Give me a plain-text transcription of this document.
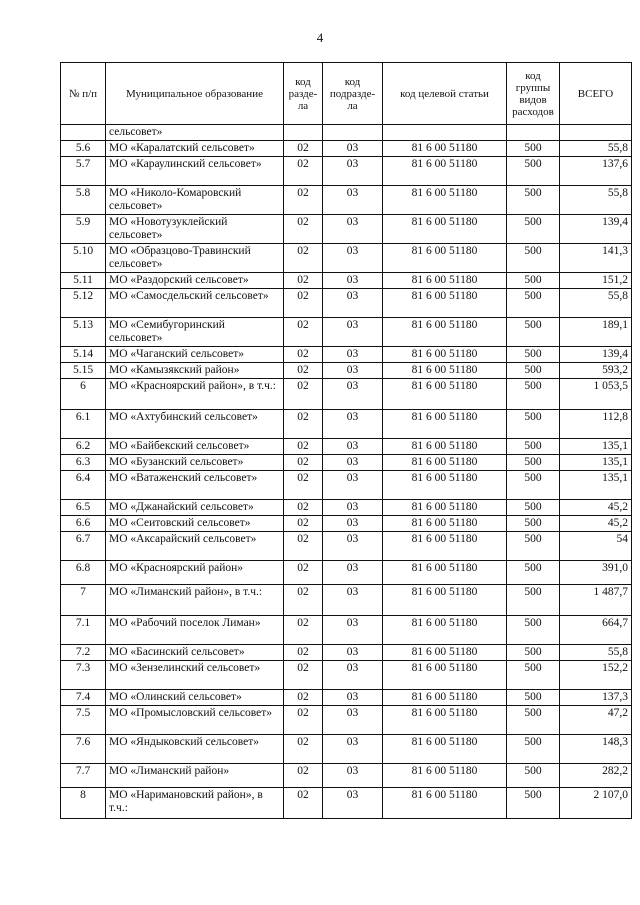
4
№ п/п	Муниципальное образование	код разде-ла	код подразде-ла	код целевой статьи	код группы видов расходов	ВСЕГО
	сельсовет»					
5.6	МО «Каралатский сельсовет»	02	03	81 6 00 51180	500	55,8
5.7	МО «Караулинский сельсовет»	02	03	81 6 00 51180	500	137,6
5.8	МО «Николо-Комаровский сельсовет»	02	03	81 6 00 51180	500	55,8
5.9	МО «Новотузуклейский сельсовет»	02	03	81 6 00 51180	500	139,4
5.10	МО «Образцово-Травинский сельсовет»	02	03	81 6 00 51180	500	141,3
5.11	МО «Раздорский сельсовет»	02	03	81 6 00 51180	500	151,2
5.12	МО «Самосдельский сельсовет»	02	03	81 6 00 51180	500	55,8
5.13	МО «Семибугоринский сельсовет»	02	03	81 6 00 51180	500	189,1
5.14	МО «Чаганский сельсовет»	02	03	81 6 00 51180	500	139,4
5.15	МО «Камызякский район»	02	03	81 6 00 51180	500	593,2
6	МО «Красноярский район», в т.ч.:	02	03	81 6 00 51180	500	1 053,5
6.1	МО «Ахтубинский сельсовет»	02	03	81 6 00 51180	500	112,8
6.2	МО «Байбекский сельсовет»	02	03	81 6 00 51180	500	135,1
6.3	МО «Бузанский сельсовет»	02	03	81 6 00 51180	500	135,1
6.4	МО «Ватаженский сельсовет»	02	03	81 6 00 51180	500	135,1
6.5	МО «Джанайский сельсовет»	02	03	81 6 00 51180	500	45,2
6.6	МО «Сеитовский сельсовет»	02	03	81 6 00 51180	500	45,2
6.7	МО «Аксарайский сельсовет»	02	03	81 6 00 51180	500	54
6.8	МО «Красноярский район»	02	03	81 6 00 51180	500	391,0
7	МО «Лиманский район», в т.ч.:	02	03	81 6 00 51180	500	1 487,7
7.1	МО «Рабочий поселок Лиман»	02	03	81 6 00 51180	500	664,7
7.2	МО «Басинский сельсовет»	02	03	81 6 00 51180	500	55,8
7.3	МО «Зензелинский сельсовет»	02	03	81 6 00 51180	500	152,2
7.4	МО «Олинский сельсовет»	02	03	81 6 00 51180	500	137,3
7.5	МО «Промысловский сельсовет»	02	03	81 6 00 51180	500	47,2
7.6	МО «Яндыковский сельсовет»	02	03	81 6 00 51180	500	148,3
7.7	МО «Лиманский район»	02	03	81 6 00 51180	500	282,2
8	МО «Наримановский район», в т.ч.:	02	03	81 6 00 51180	500	2 107,0
